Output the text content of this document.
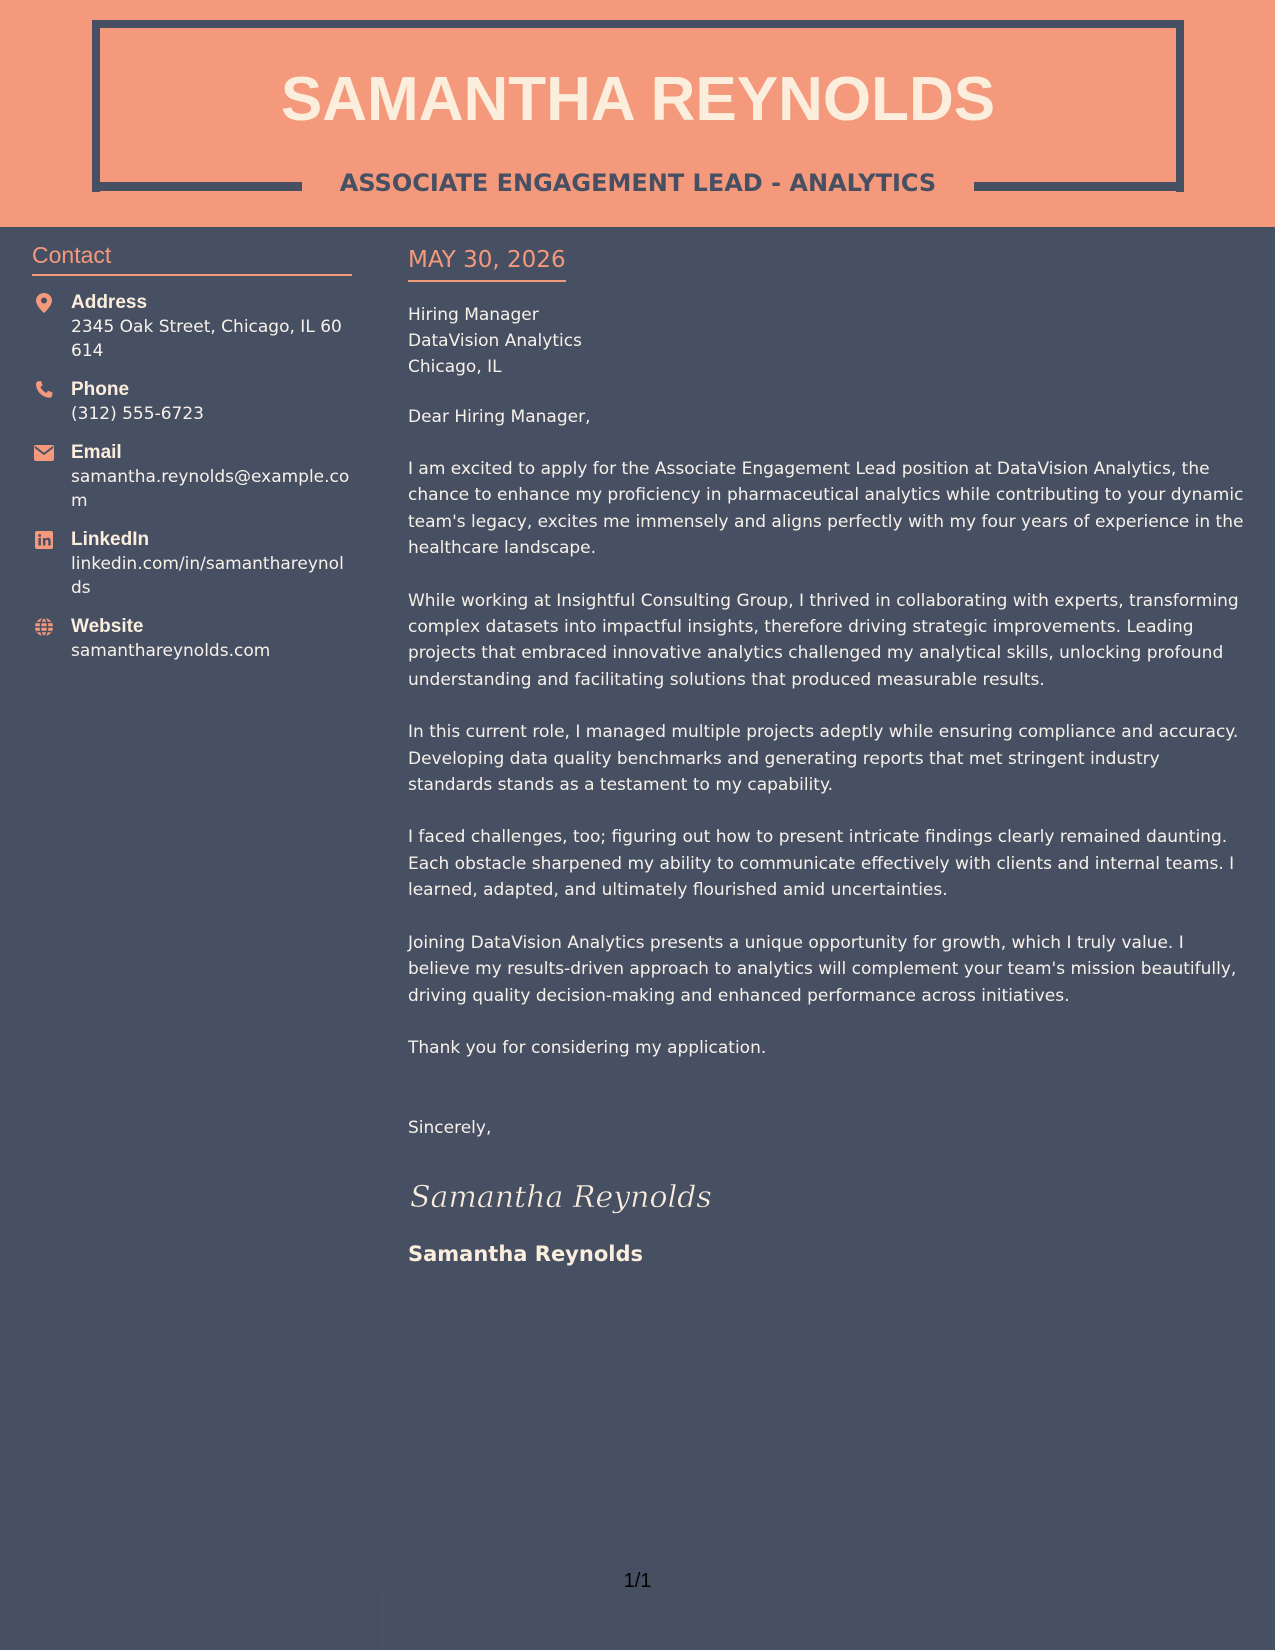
SAMANTHA REYNOLDS
ASSOCIATE ENGAGEMENT LEAD - ANALYTICS
Contact
Address
2345 Oak Street, Chicago, IL 60614
Phone
(312) 555-6723
Email
samantha.reynolds@example.com
LinkedIn
linkedin.com/in/samanthareynolds
Website
samanthareynolds.com
MAY 30, 2026
Hiring Manager
DataVision Analytics
Chicago, IL
Dear Hiring Manager,
I am excited to apply for the Associate Engagement Lead position at DataVision Analytics, the chance to enhance my proficiency in pharmaceutical analytics while contributing to your dynamic team's legacy, excites me immensely and aligns perfectly with my four years of experience in the healthcare landscape.
While working at Insightful Consulting Group, I thrived in collaborating with experts, transforming complex datasets into impactful insights, therefore driving strategic improvements. Leading projects that embraced innovative analytics challenged my analytical skills, unlocking profound understanding and facilitating solutions that produced measurable results.
In this current role, I managed multiple projects adeptly while ensuring compliance and accuracy. Developing data quality benchmarks and generating reports that met stringent industry standards stands as a testament to my capability.
I faced challenges, too; figuring out how to present intricate findings clearly remained daunting. Each obstacle sharpened my ability to communicate effectively with clients and internal teams. I learned, adapted, and ultimately flourished amid uncertainties.
Joining DataVision Analytics presents a unique opportunity for growth, which I truly value. I believe my results-driven approach to analytics will complement your team's mission beautifully, driving quality decision-making and enhanced performance across initiatives.
Thank you for considering my application.
Sincerely,
Samantha Reynolds
Samantha Reynolds
1/1
